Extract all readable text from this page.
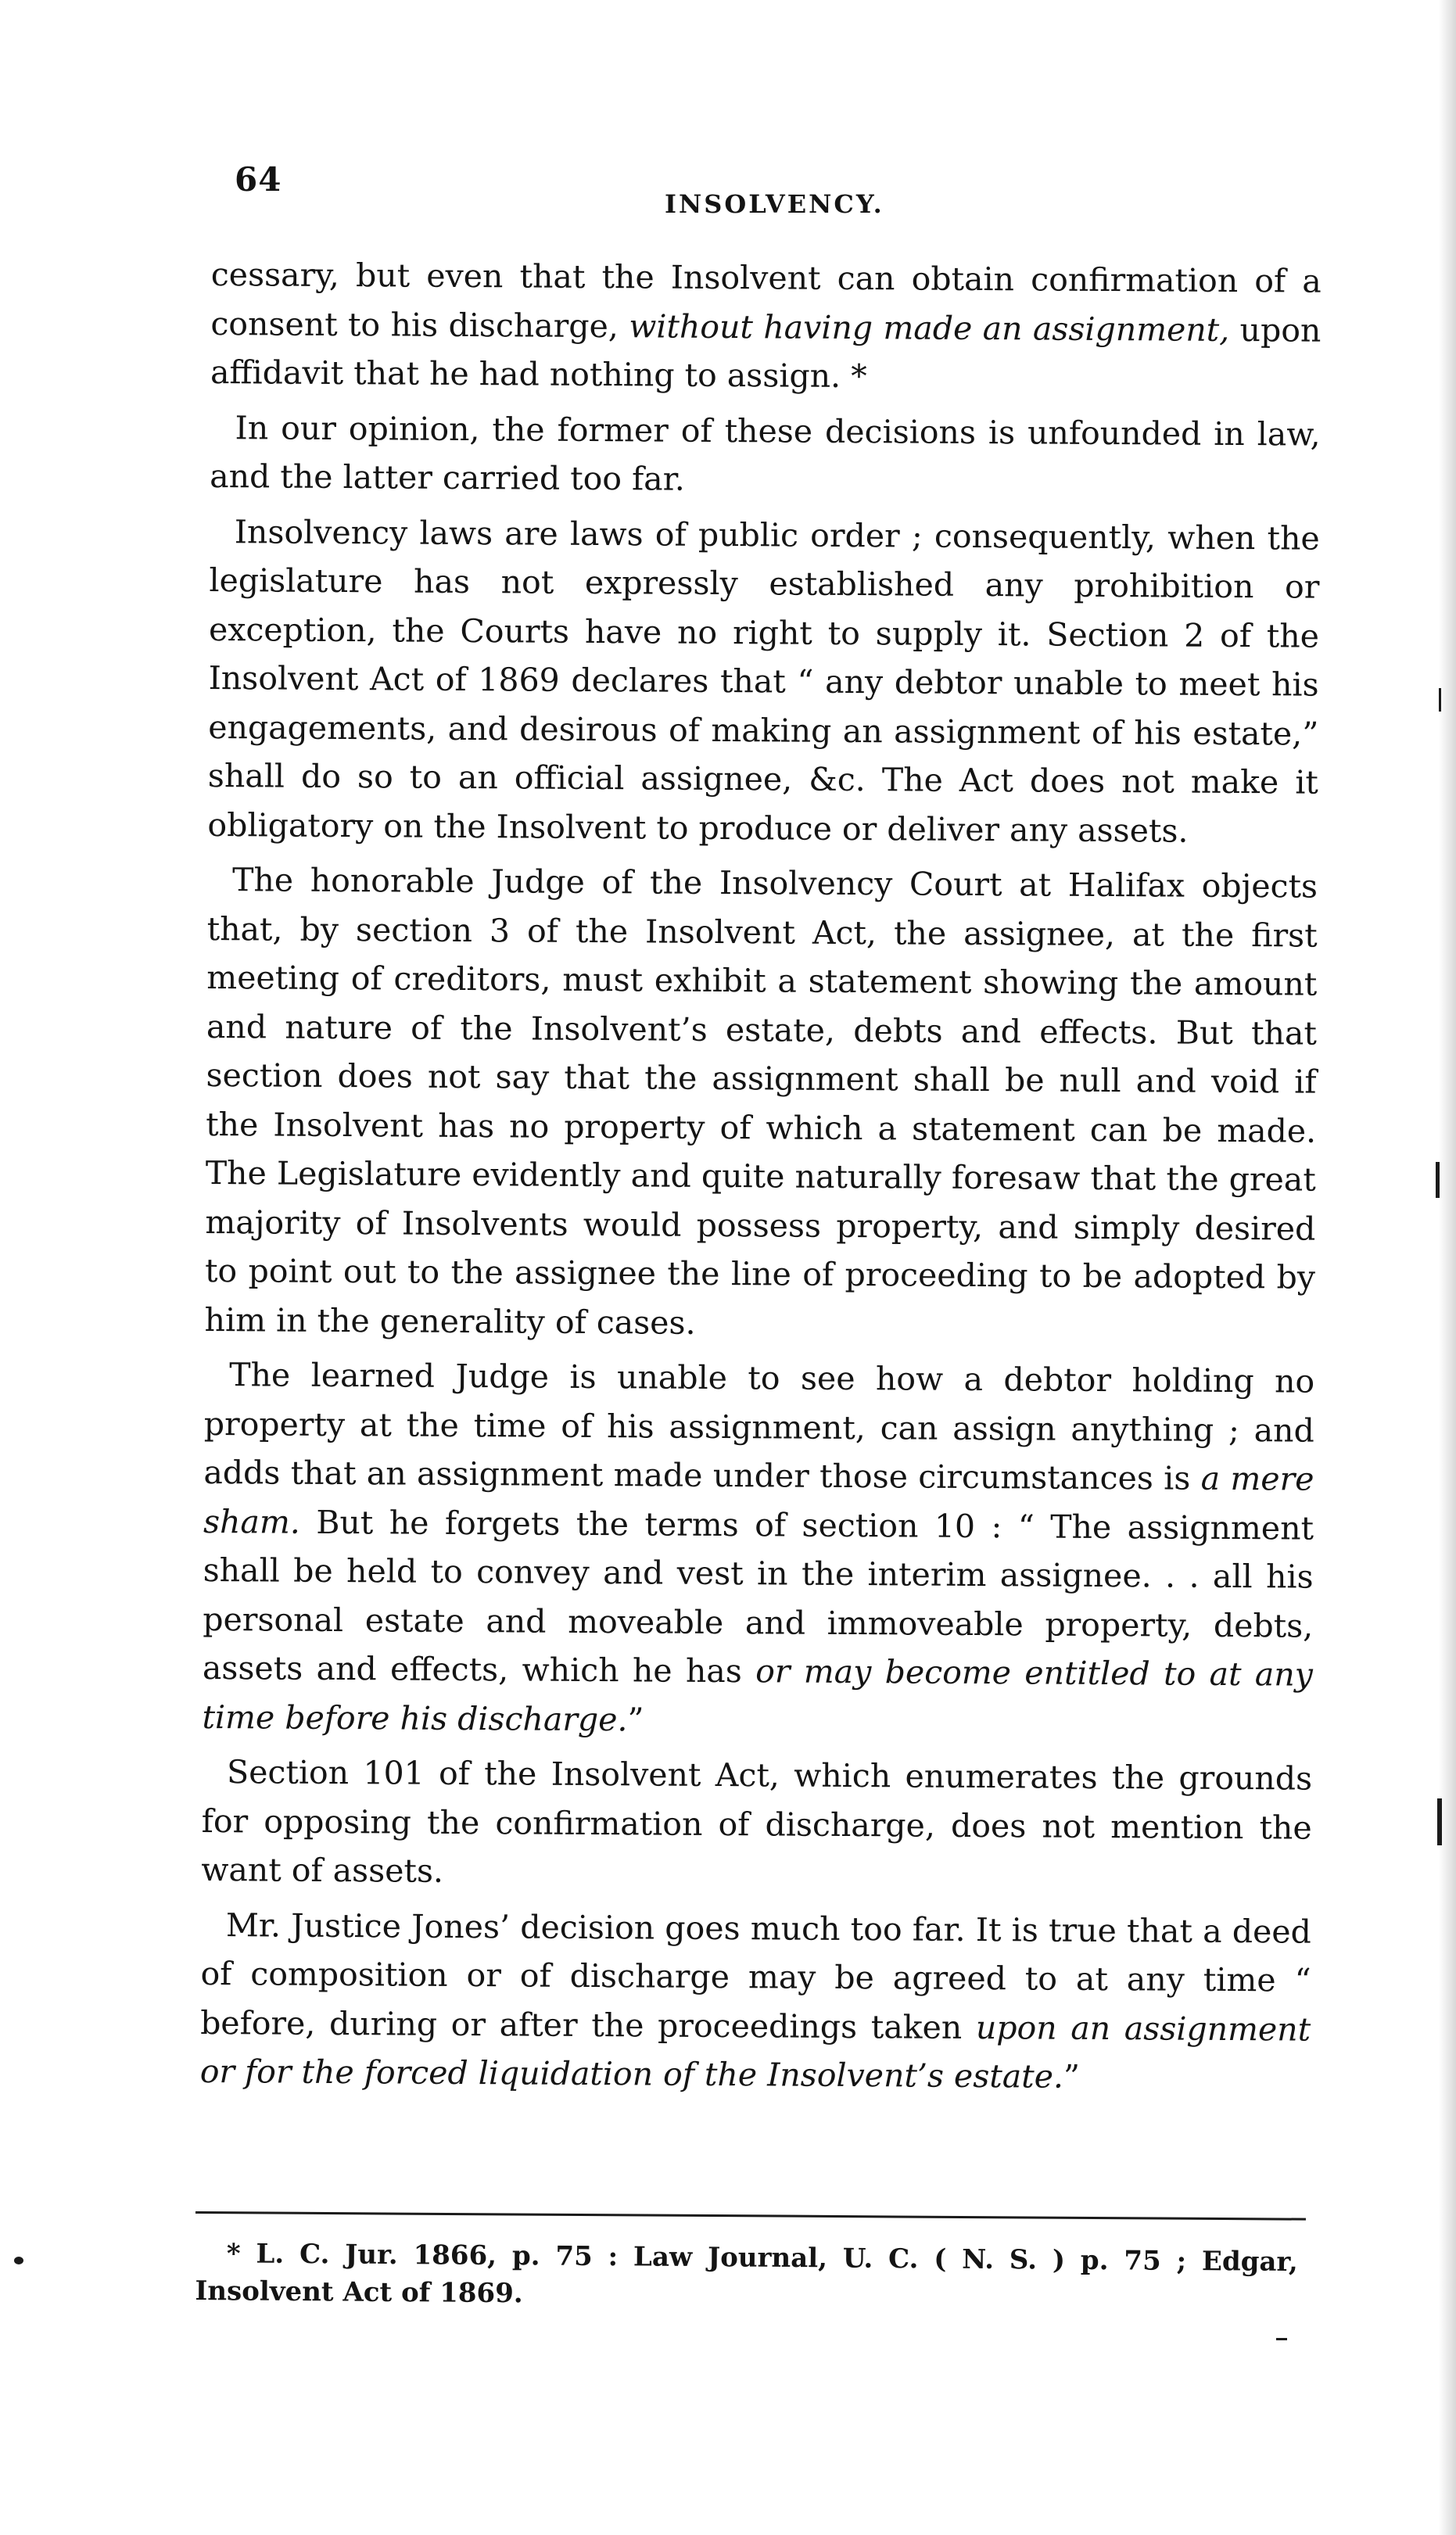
64
INSOLVENCY.

cessary, but even that the Insolvent can obtain confirmation of a consent to his discharge, without having made an assignment, upon affidavit that he had nothing to assign. *

In our opinion, the former of these decisions is unfounded in law, and the latter carried too far.

Insolvency laws are laws of public order ; consequently, when the legislature has not expressly established any prohibition or exception, the Courts have no right to supply it. Section 2 of the Insolvent Act of 1869 declares that “ any debtor unable to meet his engagements, and desirous of making an assignment of his estate,” shall do so to an official assignee, &c. The Act does not make it obligatory on the Insolvent to produce or deliver any assets.

The honorable Judge of the Insolvency Court at Halifax objects that, by section 3 of the Insolvent Act, the assignee, at the first meeting of creditors, must exhibit a statement showing the amount and nature of the Insolvent’s estate, debts and effects. But that section does not say that the assignment shall be null and void if the Insolvent has no property of which a statement can be made. The Legislature evidently and quite naturally foresaw that the great majority of Insolvents would possess property, and simply desired to point out to the assignee the line of proceeding to be adopted by him in the generality of cases.

The learned Judge is unable to see how a debtor holding no property at the time of his assignment, can assign anything ; and adds that an assignment made under those circumstances is a mere sham. But he forgets the terms of section 10 : “ The assignment shall be held to convey and vest in the interim assignee. . . all his personal estate and moveable and immoveable property, debts, assets and effects, which he has or may become entitled to at any time before his discharge.”

Section 101 of the Insolvent Act, which enumerates the grounds for opposing the confirmation of discharge, does not mention the want of assets.

Mr. Justice Jones’ decision goes much too far. It is true that a deed of composition or of discharge may be agreed to at any time “ before, during or after the proceedings taken upon an assignment or for the forced liquidation of the Insolvent’s estate.”

* L. C. Jur. 1866, p. 75 : Law Journal, U. C. ( N. S. ) p. 75 ; Edgar, Insolvent Act of 1869.
